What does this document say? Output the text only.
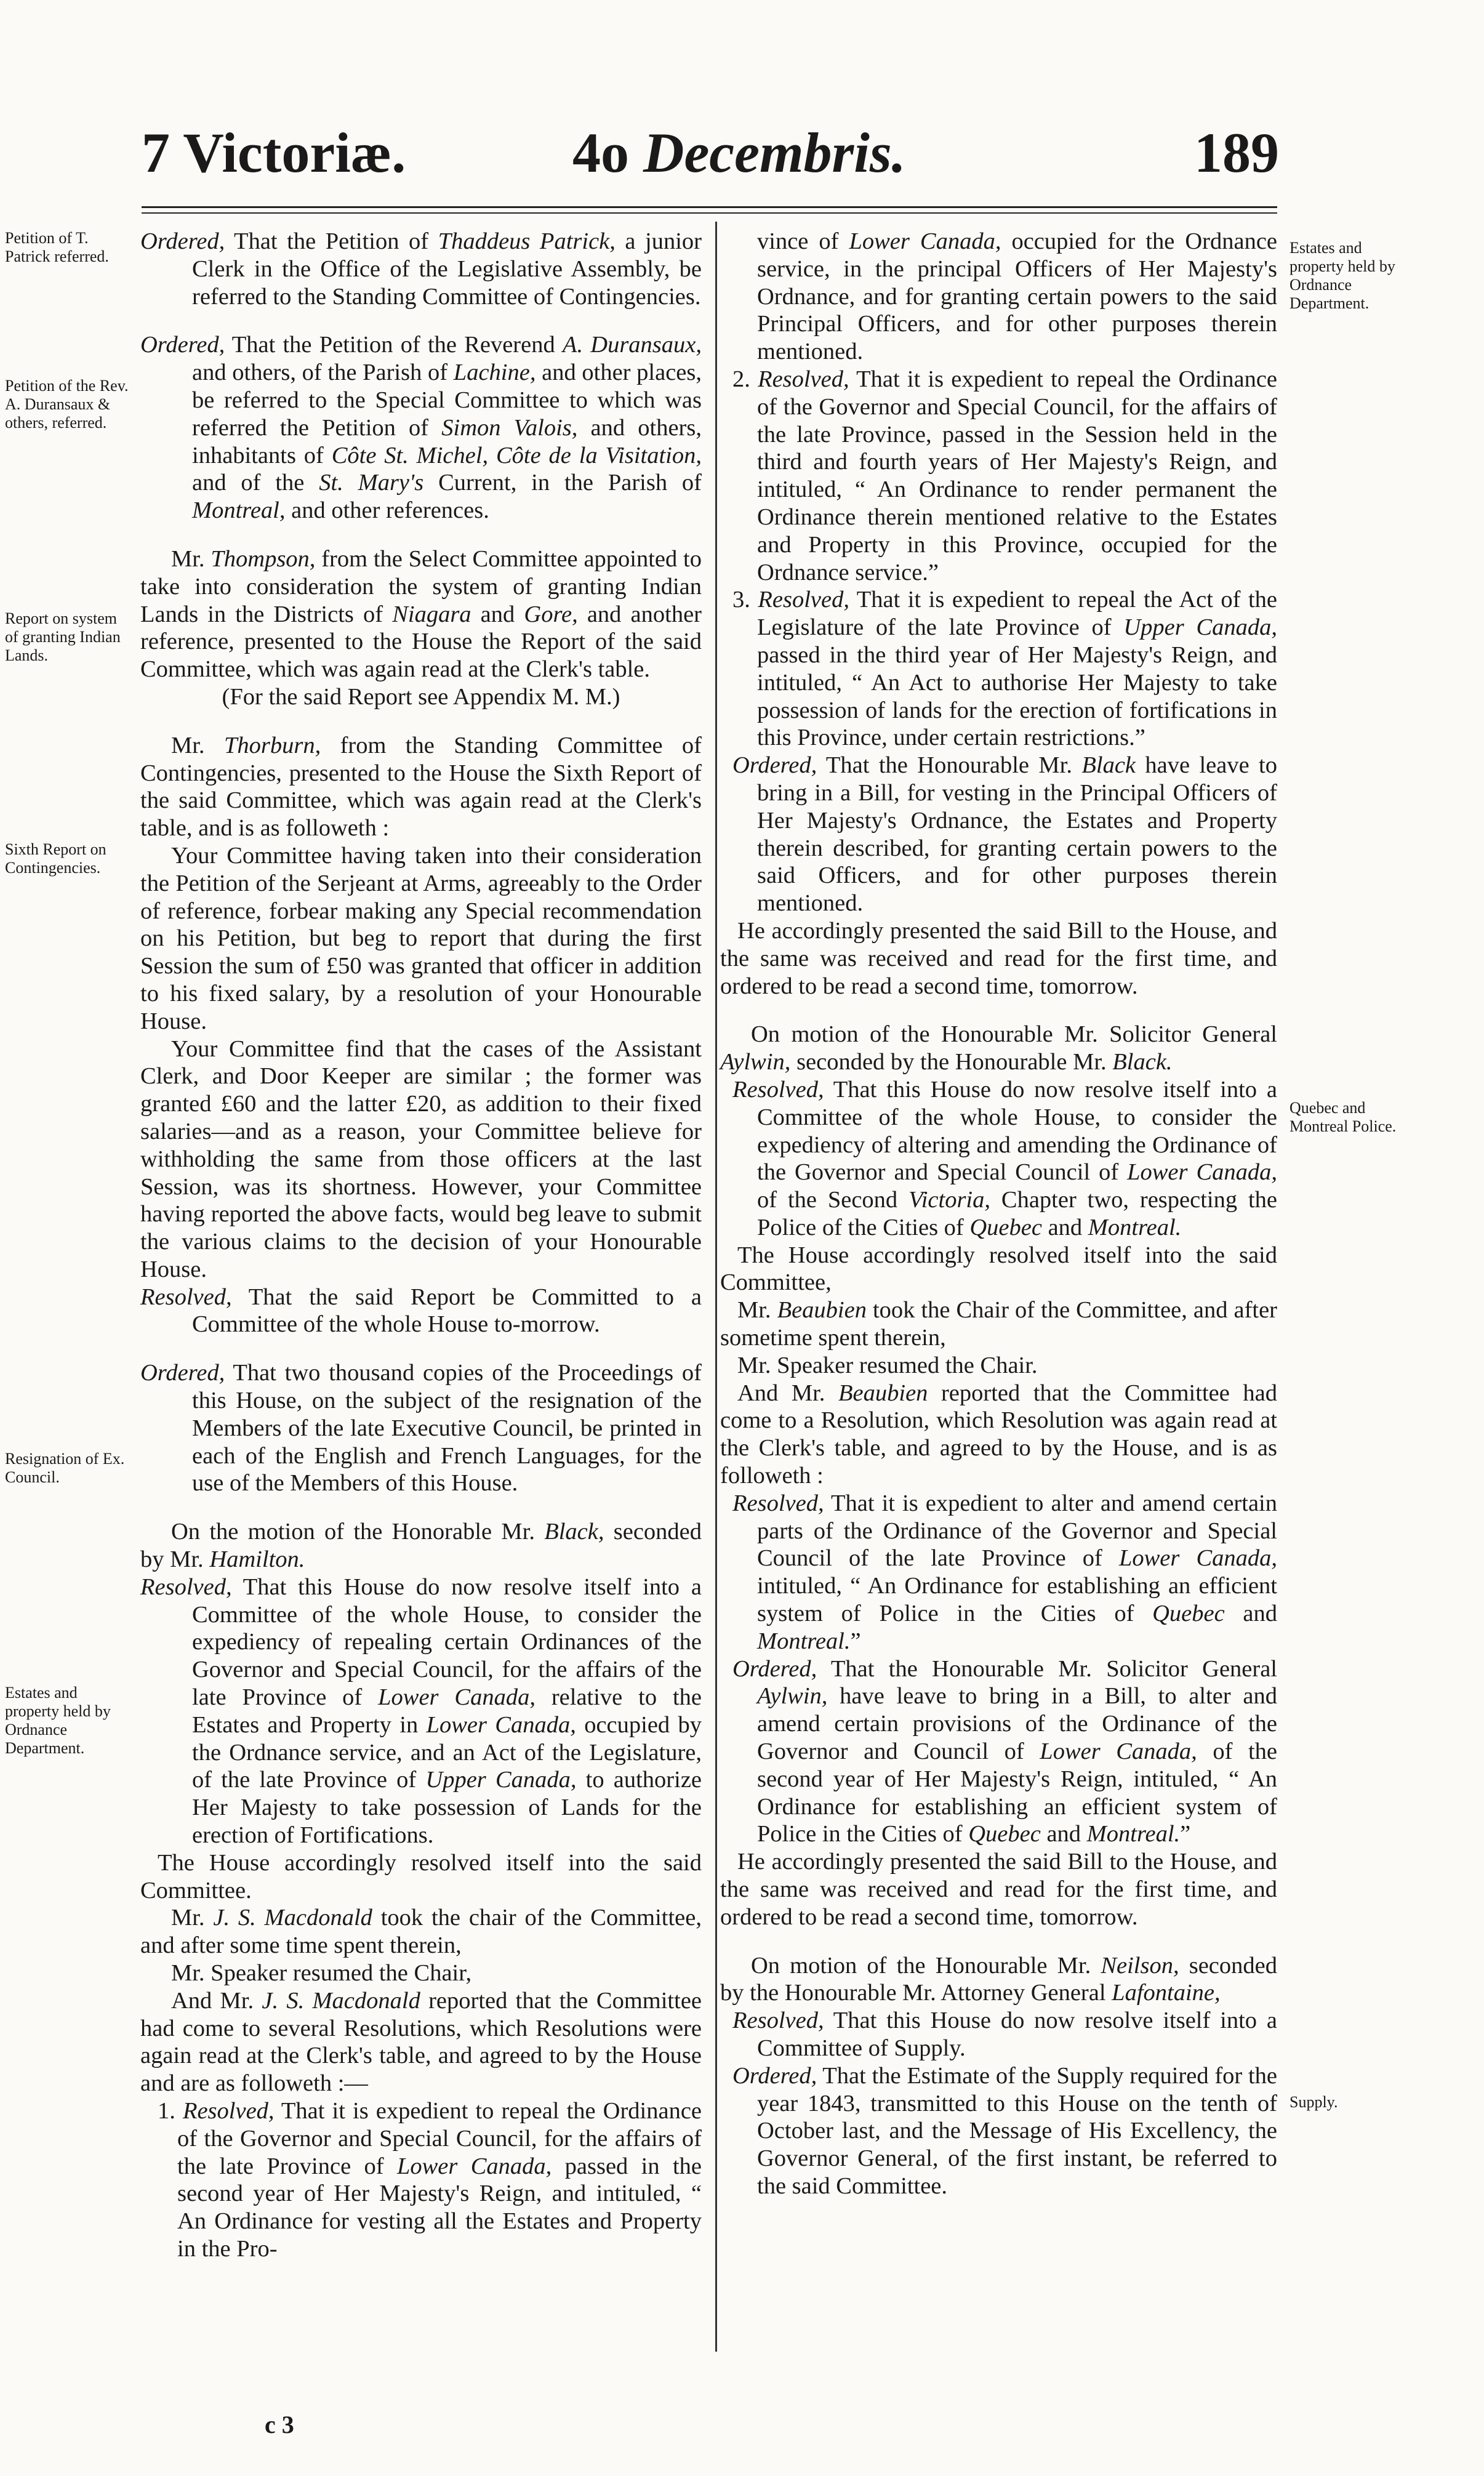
7 Victoriæ.	4o Decembris.	189
Petition of T. Patrick referred.
Petition of the Rev. A. Duransaux & others, referred.
Report on system of granting Indian Lands.
Sixth Report on Contingencies.
Resignation of Ex. Council.
Estates and property held by Ordnance Department.
Estates and property held by Ordnance Department.
Quebec and Montreal Police.
Supply.

Ordered, That the Petition of Thaddeus Patrick, a junior Clerk in the Office of the Legislative Assembly, be referred to the Standing Committee of Contingencies.

Ordered, That the Petition of the Reverend A. Duransaux, and others, of the Parish of Lachine, and other places, be referred to the Special Committee to which was referred the Petition of Simon Valois, and others, inhabitants of Côte St. Michel, Côte de la Visitation, and of the St. Mary's Current, in the Parish of Montreal, and other references.

Mr. Thompson, from the Select Committee appointed to take into consideration the system of granting Indian Lands in the Districts of Niagara and Gore, and another reference, presented to the House the Report of the said Committee, which was again read at the Clerk's table.

(For the said Report see Appendix M. M.)

Mr. Thorburn, from the Standing Committee of Contingencies, presented to the House the Sixth Report of the said Committee, which was again read at the Clerk's table, and is as followeth :

Your Committee having taken into their consideration the Petition of the Serjeant at Arms, agreeably to the Order of reference, forbear making any Special recommendation on his Petition, but beg to report that during the first Session the sum of £50 was granted that officer in addition to his fixed salary, by a resolution of your Honourable House.

Your Committee find that the cases of the Assistant Clerk, and Door Keeper are similar ; the former was granted £60 and the latter £20, as addition to their fixed salaries—and as a reason, your Committee believe for withholding the same from those officers at the last Session, was its shortness. However, your Committee having reported the above facts, would beg leave to submit the various claims to the decision of your Honourable House.

Resolved, That the said Report be Committed to a Committee of the whole House to-morrow.

Ordered, That two thousand copies of the Proceedings of this House, on the subject of the resignation of the Members of the late Executive Council, be printed in each of the English and French Languages, for the use of the Members of this House.

On the motion of the Honorable Mr. Black, seconded by Mr. Hamilton.

Resolved, That this House do now resolve itself into a Committee of the whole House, to consider the expediency of repealing certain Ordinances of the Governor and Special Council, for the affairs of the late Province of Lower Canada, relative to the Estates and Property in Lower Canada, occupied by the Ordnance service, and an Act of the Legislature, of the late Province of Upper Canada, to authorize Her Majesty to take possession of Lands for the erection of Fortifications.

The House accordingly resolved itself into the said Committee.

Mr. J. S. Macdonald took the chair of the Committee, and after some time spent therein,

Mr. Speaker resumed the Chair,

And Mr. J. S. Macdonald reported that the Committee had come to several Resolutions, which Resolutions were again read at the Clerk's table, and agreed to by the House and are as followeth :—

1. Resolved, That it is expedient to repeal the Ordinance of the Governor and Special Council, for the affairs of the late Province of Lower Canada, passed in the second year of Her Majesty's Reign, and intituled, “ An Ordinance for vesting all the Estates and Property in the Pro-

vince of Lower Canada, occupied for the Ordnance service, in the principal Officers of Her Majesty's Ordnance, and for granting certain powers to the said Principal Officers, and for other purposes therein mentioned.

2. Resolved, That it is expedient to repeal the Ordinance of the Governor and Special Council, for the affairs of the late Province, passed in the Session held in the third and fourth years of Her Majesty's Reign, and intituled, “ An Ordinance to render permanent the Ordinance therein mentioned relative to the Estates and Property in this Province, occupied for the Ordnance service.”

3. Resolved, That it is expedient to repeal the Act of the Legislature of the late Province of Upper Canada, passed in the third year of Her Majesty's Reign, and intituled, “ An Act to authorise Her Majesty to take possession of lands for the erection of fortifications in this Province, under certain restrictions.”

Ordered, That the Honourable Mr. Black have leave to bring in a Bill, for vesting in the Principal Officers of Her Majesty's Ordnance, the Estates and Property therein described, for granting certain powers to the said Officers, and for other purposes therein mentioned.

He accordingly presented the said Bill to the House, and the same was received and read for the first time, and ordered to be read a second time, tomorrow.

On motion of the Honourable Mr. Solicitor General Aylwin, seconded by the Honourable Mr. Black.

Resolved, That this House do now resolve itself into a Committee of the whole House, to consider the expediency of altering and amending the Ordinance of the Governor and Special Council of Lower Canada, of the Second Victoria, Chapter two, respecting the Police of the Cities of Quebec and Montreal.

The House accordingly resolved itself into the said Committee,

Mr. Beaubien took the Chair of the Committee, and after sometime spent therein,

Mr. Speaker resumed the Chair.

And Mr. Beaubien reported that the Committee had come to a Resolution, which Resolution was again read at the Clerk's table, and agreed to by the House, and is as followeth :

Resolved, That it is expedient to alter and amend certain parts of the Ordinance of the Governor and Special Council of the late Province of Lower Canada, intituled, “ An Ordinance for establishing an efficient system of Police in the Cities of Quebec and Montreal.”

Ordered, That the Honourable Mr. Solicitor General Aylwin, have leave to bring in a Bill, to alter and amend certain provisions of the Ordinance of the Governor and Council of Lower Canada, of the second year of Her Majesty's Reign, intituled, “ An Ordinance for establishing an efficient system of Police in the Cities of Quebec and Montreal.”

He accordingly presented the said Bill to the House, and the same was received and read for the first time, and ordered to be read a second time, tomorrow.

On motion of the Honourable Mr. Neilson, seconded by the Honourable Mr. Attorney General Lafontaine,

Resolved, That this House do now resolve itself into a Committee of Supply.

Ordered, That the Estimate of the Supply required for the year 1843, transmitted to this House on the tenth of October last, and the Message of His Excellency, the Governor General, of the first instant, be referred to the said Committee.

c 3
